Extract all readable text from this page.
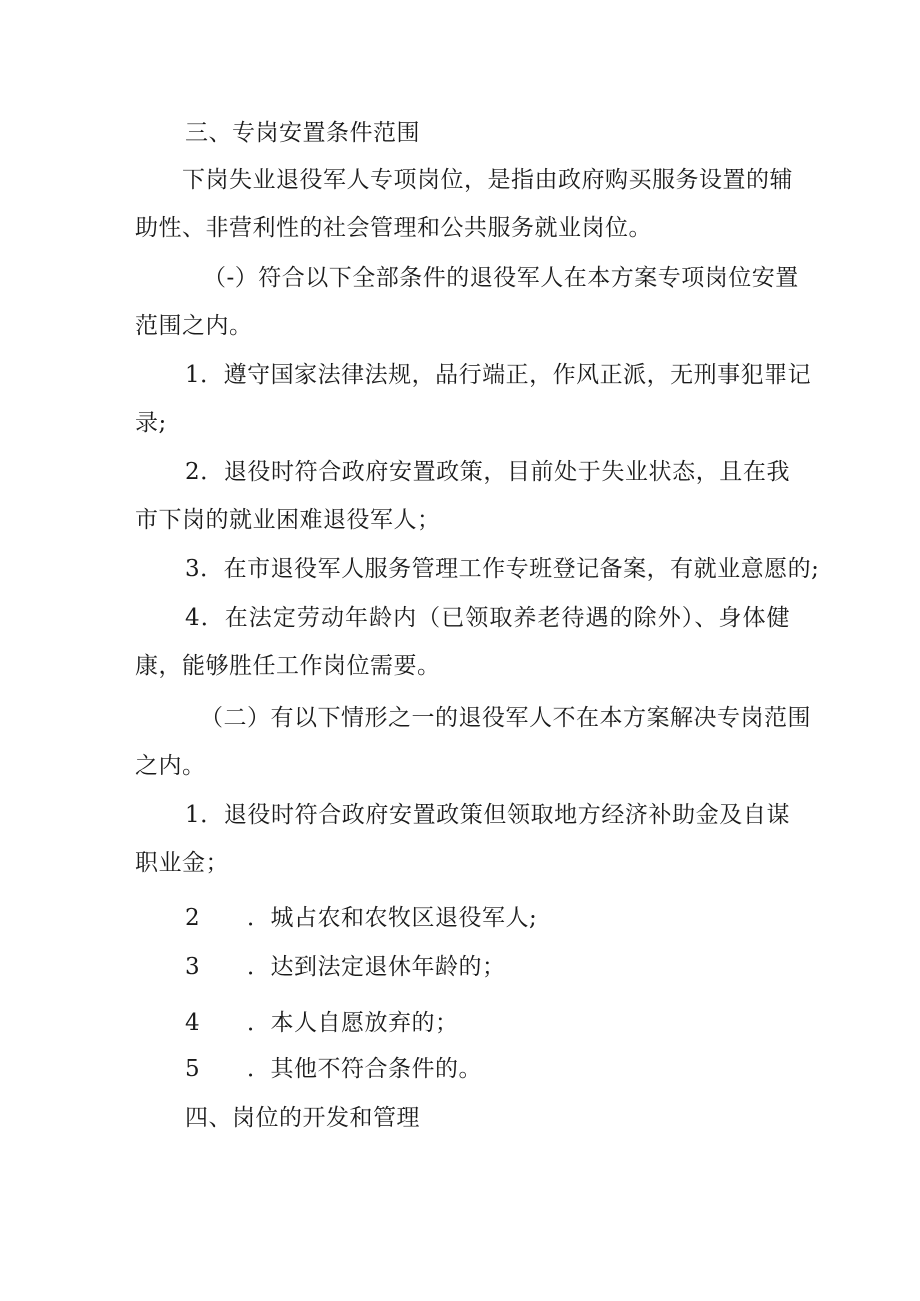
三、专岗安置条件范围
下岗失业退役军人专项岗位，是指由政府购买服务设置的辅
助性、非营利性的社会管理和公共服务就业岗位。
（-）符合以下全部条件的退役军人在本方案专项岗位安置
范围之内。
1．遵守国家法律法规，品行端正，作风正派，无刑事犯罪记
录;
2．退役时符合政府安置政策，目前处于失业状态，且在我
市下岗的就业困难退役军人；
3．在市退役军人服务管理工作专班登记备案，有就业意愿的;
4．在法定劳动年龄内（已领取养老待遇的除外）、身体健
康，能够胜任工作岗位需要。
（二）有以下情形之一的退役军人不在本方案解决专岗范围
之内。
1．退役时符合政府安置政策但领取地方经济补助金及自谋
职业金；
2 ．城占农和农牧区退役军人;
3 ．达到法定退休年龄的；
4 ．本人自愿放弃的；
5 ．其他不符合条件的。
四、岗位的开发和管理
